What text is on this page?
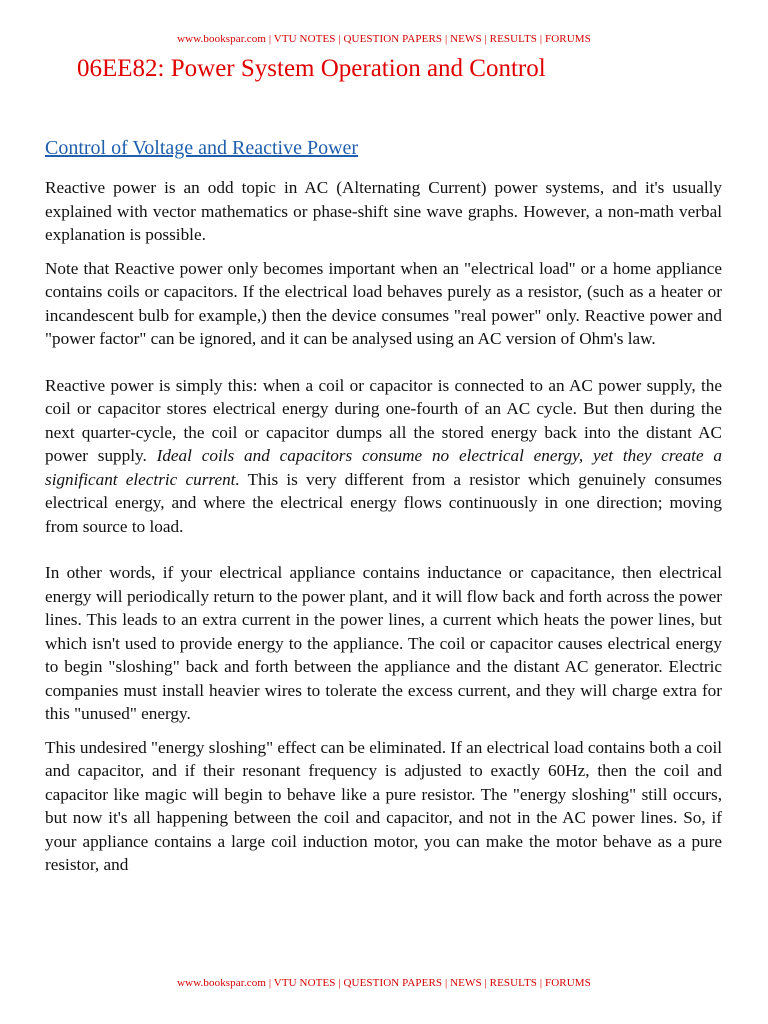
www.bookspar.com | VTU NOTES | QUESTION PAPERS | NEWS | RESULTS | FORUMS
06EE82: Power System Operation and Control
Control of Voltage and Reactive Power

Reactive power is an odd topic in AC (Alternating Current) power systems, and it's usually explained with vector mathematics or phase-shift sine wave graphs. However, a non-math verbal explanation is possible.

Note that Reactive power only becomes important when an "electrical load" or a home appliance contains coils or capacitors. If the electrical load behaves purely as a resistor, (such as a heater or incandescent bulb for example,) then the device consumes "real power" only. Reactive power and "power factor" can be ignored, and it can be analysed using an AC version of Ohm's law.

Reactive power is simply this: when a coil or capacitor is connected to an AC power supply, the coil or capacitor stores electrical energy during one-fourth of an AC cycle. But then during the next quarter-cycle, the coil or capacitor dumps all the stored energy back into the distant AC power supply. Ideal coils and capacitors consume no electrical energy, yet they create a significant electric current. This is very different from a resistor which genuinely consumes electrical energy, and where the electrical energy flows continuously in one direction; moving from source to load.

In other words, if your electrical appliance contains inductance or capacitance, then electrical energy will periodically return to the power plant, and it will flow back and forth across the power lines. This leads to an extra current in the power lines, a current which heats the power lines, but which isn't used to provide energy to the appliance. The coil or capacitor causes electrical energy to begin "sloshing" back and forth between the appliance and the distant AC generator. Electric companies must install heavier wires to tolerate the excess current, and they will charge extra for this "unused" energy.

This undesired "energy sloshing" effect can be eliminated. If an electrical load contains both a coil and capacitor, and if their resonant frequency is adjusted to exactly 60Hz, then the coil and capacitor like magic will begin to behave like a pure resistor. The "energy sloshing" still occurs, but now it's all happening between the coil and capacitor, and not in the AC power lines. So, if your appliance contains a large coil induction motor, you can make the motor behave as a pure resistor, and

www.bookspar.com | VTU NOTES | QUESTION PAPERS | NEWS | RESULTS | FORUMS
